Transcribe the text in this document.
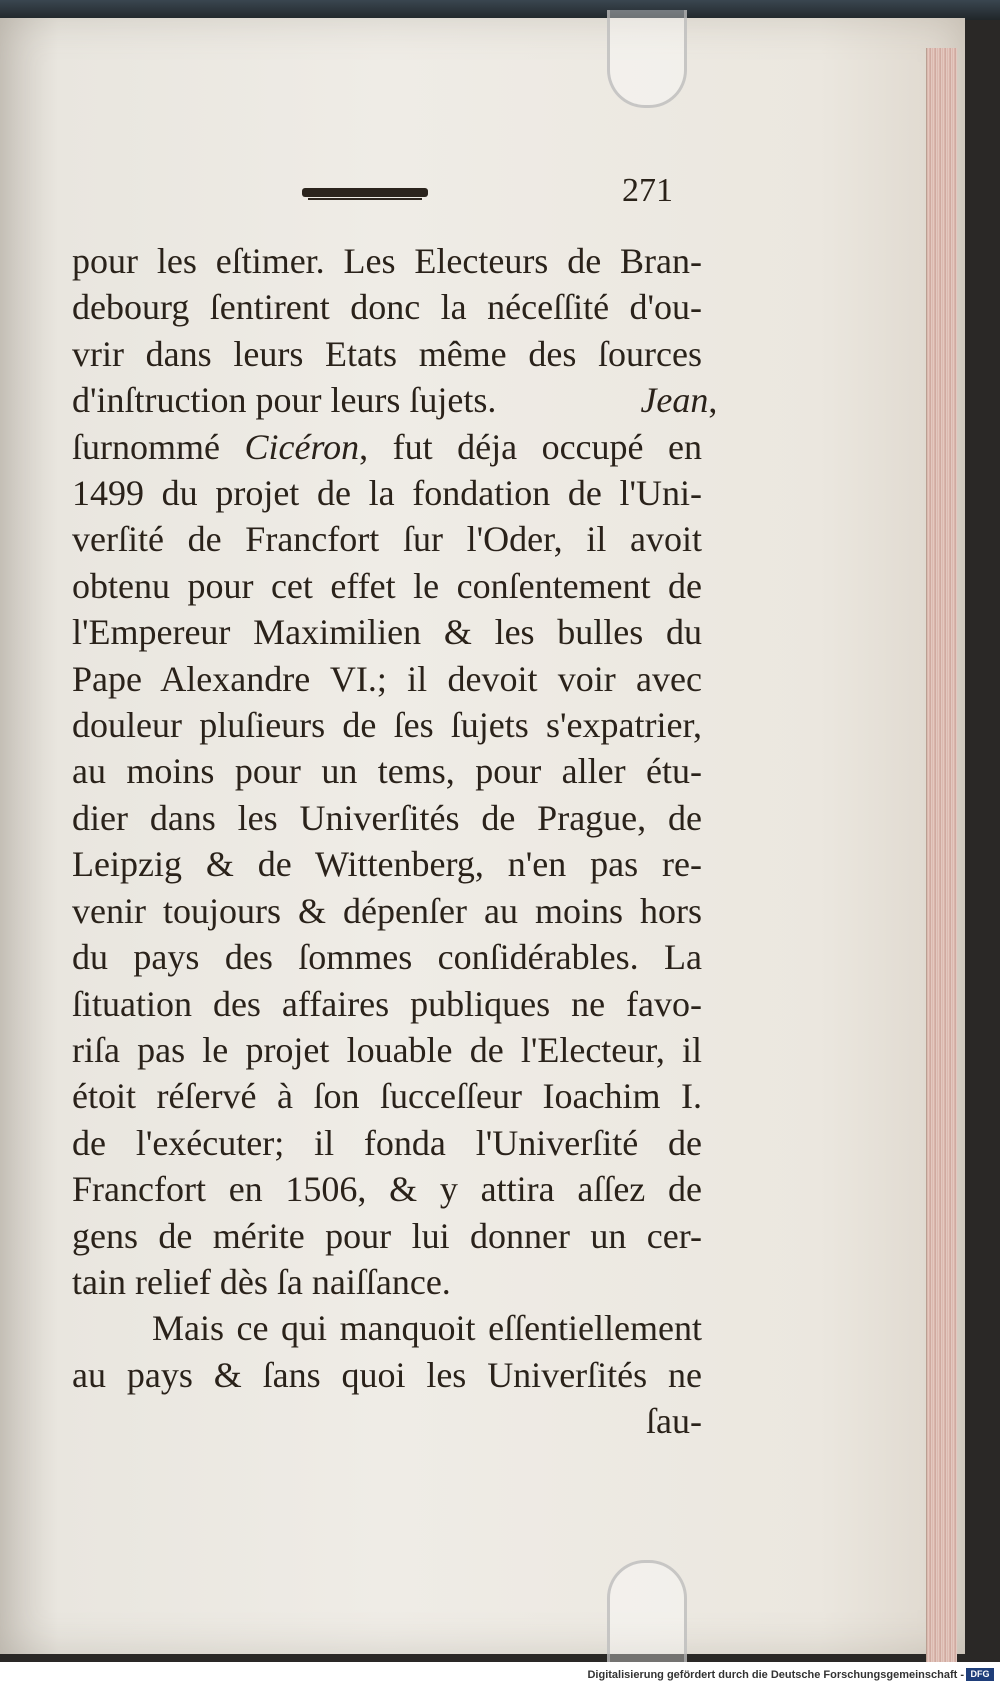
271
pour les eſtimer. Les Electeurs de Bran-
debourg ſentirent donc la néceſſité d'ou-
vrir dans leurs Etats même des ſources
d'inſtruction pour leurs ſujets.    	Jean,
ſurnommé Cicéron, fut déja occupé en
1499 du projet de la fondation de l'Uni-
verſité de Francfort ſur l'Oder, il avoit
obtenu pour cet effet le conſentement de
l'Empereur Maximilien & les bulles du
Pape Alexandre VI.; il devoit voir avec
douleur pluſieurs de ſes ſujets s'expatrier,
au moins pour un tems, pour aller étu-
dier dans les Univerſités de Prague, de
Leipzig & de Wittenberg, n'en pas re-
venir toujours & dépenſer au moins hors
du pays des ſommes conſidérables. La
ſituation des affaires publiques ne favo-
riſa pas le projet louable de l'Electeur, il
étoit réſervé à ſon ſucceſſeur Ioachim I.
de l'exécuter; il fonda l'Univerſité de
Francfort en 1506, & y attira aſſez de
gens de mérite pour lui donner un cer-
tain relief dès ſa naiſſance.
Mais ce qui manquoit eſſentiellement
au pays & ſans quoi les Univerſités ne
ſau-
Digitalisierung gefördert durch die Deutsche Forschungsgemeinschaft - DFG
